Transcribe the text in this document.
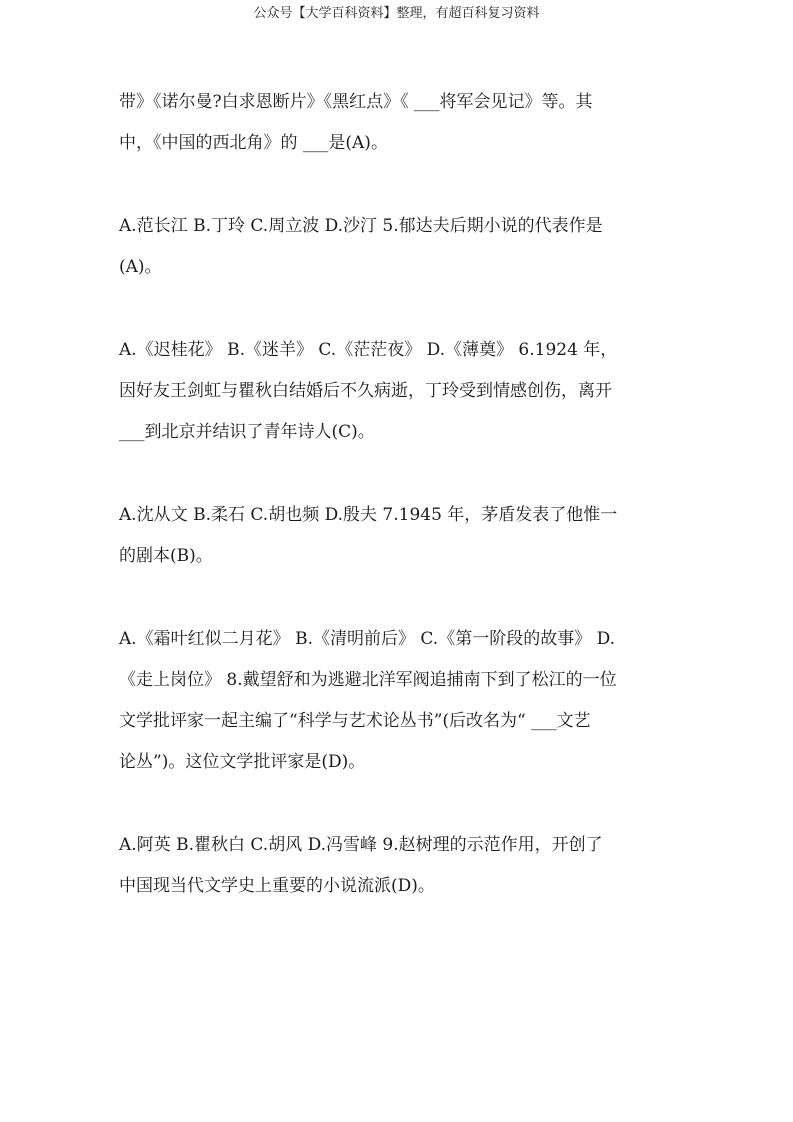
公众号【大学百科资料】整理，有超百科复习资料

带》《诺尔曼?白求恩断片》《黑红点》《 ___将军会见记》等。其
中，《中国的西北角》的 ___是(A)。

A.范长江 B.丁玲 C.周立波 D.沙汀 5.郁达夫后期小说的代表作是
(A)。

A.《迟桂花》 B.《迷羊》 C.《茫茫夜》 D.《薄奠》 6.1924 年，
因好友王剑虹与瞿秋白结婚后不久病逝，丁玲受到情感创伤，离开
___到北京并结识了青年诗人(C)。

A.沈从文 B.柔石 C.胡也频 D.殷夫 7.1945 年，茅盾发表了他惟一
的剧本(B)。

A.《霜叶红似二月花》 B.《清明前后》 C.《第一阶段的故事》 D.
《走上岗位》 8.戴望舒和为逃避北洋军阀追捕南下到了松江的一位
文学批评家一起主编了“科学与艺术论丛书”(后改名为“ ___文艺
论丛”)。这位文学批评家是(D)。

A.阿英 B.瞿秋白 C.胡风 D.冯雪峰 9.赵树理的示范作用，开创了
中国现当代文学史上重要的小说流派(D)。
